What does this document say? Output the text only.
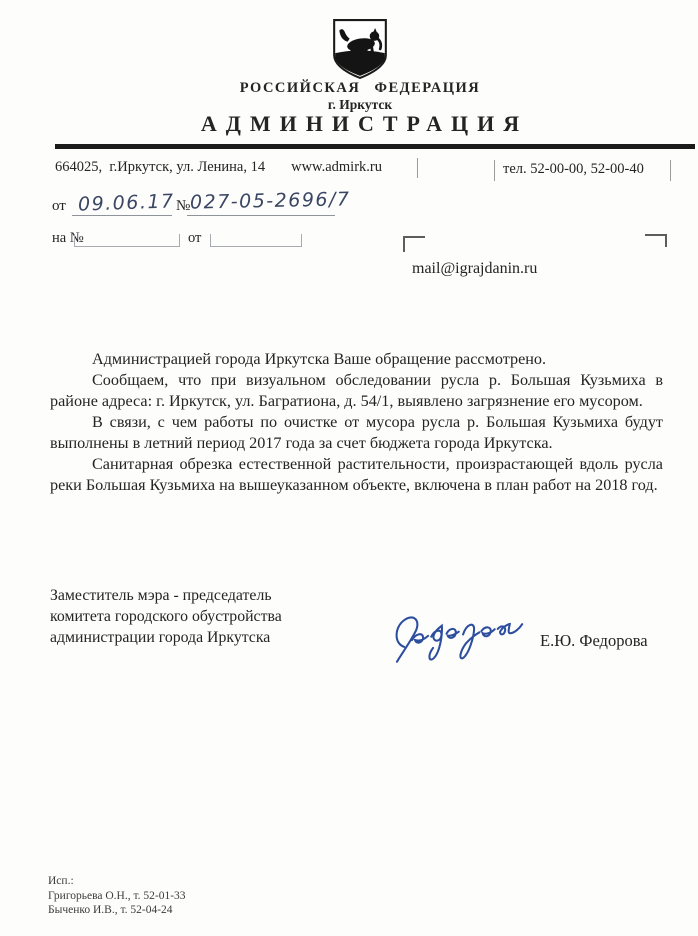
РОССИЙСКАЯ ФЕДЕРАЦИЯ
г. Иркутск
АДМИНИСТРАЦИЯ
664025,  г.Иркутск, ул. Ленина, 14 www.admirk.ru	тел. 52-00-00, 52-00-40
от 09.06.17 № 027-05-2696/7
на №	от
mail@igrajdanin.ru

Администрацией города Иркутска Ваше обращение рассмотрено.

Сообщаем, что при визуальном обследовании русла р. Большая Кузьмиха в районе адреса: г. Иркутск, ул. Багратиона, д. 54/1, выявлено загрязнение его мусором.

В связи, с чем работы по очистке от мусора русла р. Большая Кузьмиха будут выполнены в летний период 2017 года за счет бюджета города Иркутска.

Санитарная обрезка естественной растительности, произрастающей вдоль русла реки Большая Кузьмиха на вышеуказанном объекте, включена в план работ на 2018 год.

Заместитель мэра - председатель
комитета городского обустройства
администрации города Иркутска	Е.Ю. Федорова
Исп.:
Григорьева О.Н., т. 52-01-33
Быченко И.В., т. 52-04-24
